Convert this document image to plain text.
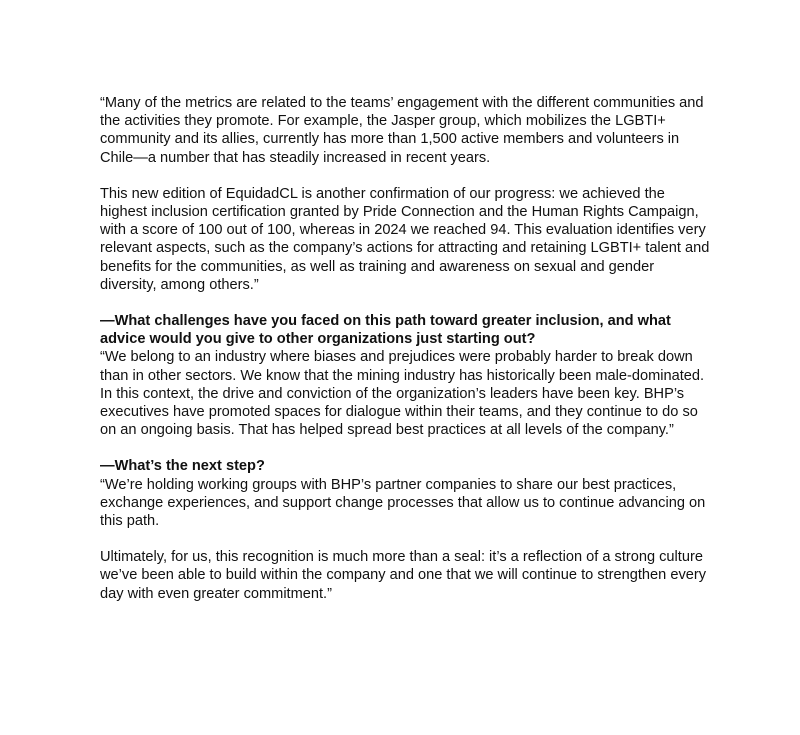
“Many of the metrics are related to the teams’ engagement with the different communities and the activities they promote. For example, the Jasper group, which mobilizes the LGBTI+ community and its allies, currently has more than 1,500 active members and volunteers in Chile—a number that has steadily increased in recent years.

This new edition of EquidadCL is another confirmation of our progress: we achieved the highest inclusion certification granted by Pride Connection and the Human Rights Campaign, with a score of 100 out of 100, whereas in 2024 we reached 94. This evaluation identifies very relevant aspects, such as the company’s actions for attracting and retaining LGBTI+ talent and benefits for the communities, as well as training and awareness on sexual and gender diversity, among others.”

—What challenges have you faced on this path toward greater inclusion, and what advice would you give to other organizations just starting out?

“We belong to an industry where biases and prejudices were probably harder to break down than in other sectors. We know that the mining industry has historically been male-dominated. In this context, the drive and conviction of the organization’s leaders have been key. BHP’s executives have promoted spaces for dialogue within their teams, and they continue to do so on an ongoing basis. That has helped spread best practices at all levels of the company.”

—What’s the next step?

“We’re holding working groups with BHP’s partner companies to share our best practices, exchange experiences, and support change processes that allow us to continue advancing on this path.

Ultimately, for us, this recognition is much more than a seal: it’s a reflection of a strong culture we’ve been able to build within the company and one that we will continue to strengthen every day with even greater commitment.”
